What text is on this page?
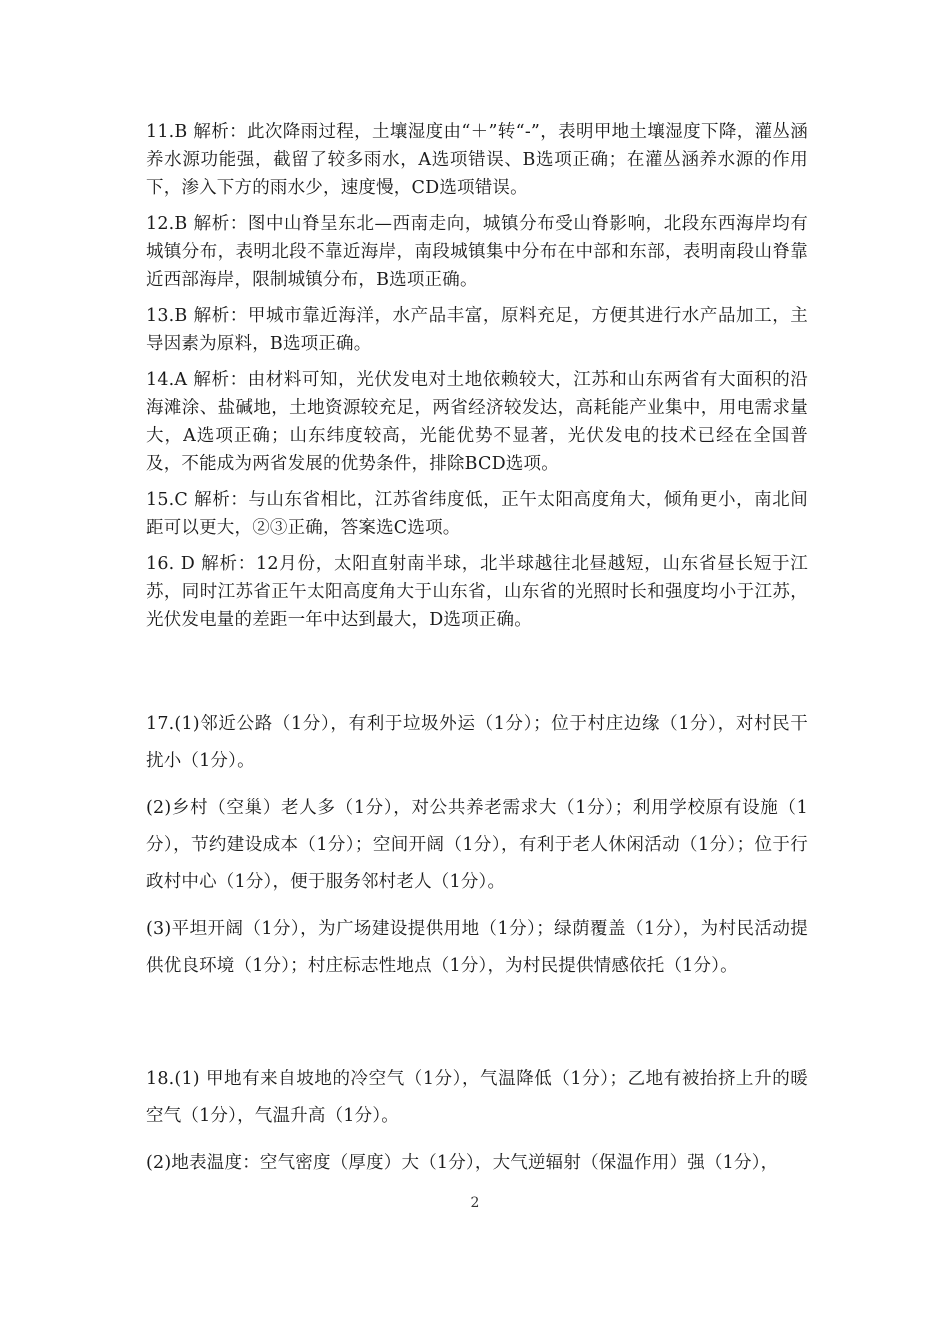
11.B 解析：此次降雨过程，土壤湿度由“＋”转“-”，表明甲地土壤湿度下降，灌丛涵养水源功能强，截留了较多雨水，A选项错误、B选项正确；在灌丛涵养水源的作用下，渗入下方的雨水少，速度慢，CD选项错误。

12.B 解析：图中山脊呈东北—西南走向，城镇分布受山脊影响，北段东西海岸均有城镇分布，表明北段不靠近海岸，南段城镇集中分布在中部和东部，表明南段山脊靠近西部海岸，限制城镇分布，B选项正确。

13.B 解析：甲城市靠近海洋，水产品丰富，原料充足，方便其进行水产品加工，主导因素为原料，B选项正确。

14.A 解析：由材料可知，光伏发电对土地依赖较大，江苏和山东两省有大面积的沿海滩涂、盐碱地，土地资源较充足，两省经济较发达，高耗能产业集中，用电需求量大，A选项正确；山东纬度较高，光能优势不显著，光伏发电的技术已经在全国普及，不能成为两省发展的优势条件，排除BCD选项。

15.C 解析：与山东省相比，江苏省纬度低，正午太阳高度角大，倾角更小，南北间距可以更大，②③正确，答案选C选项。

16. D 解析：12月份，太阳直射南半球，北半球越往北昼越短，山东省昼长短于江苏，同时江苏省正午太阳高度角大于山东省，山东省的光照时长和强度均小于江苏，光伏发电量的差距一年中达到最大，D选项正确。

17.(1)邻近公路（1分），有利于垃圾外运（1分）；位于村庄边缘（1分），对村民干扰小（1分）。

(2)乡村（空巢）老人多（1分），对公共养老需求大（1分）；利用学校原有设施（1分），节约建设成本（1分）；空间开阔（1分），有利于老人休闲活动（1分）；位于行政村中心（1分），便于服务邻村老人（1分）。

(3)平坦开阔（1分），为广场建设提供用地（1分）；绿荫覆盖（1分），为村民活动提供优良环境（1分）；村庄标志性地点（1分），为村民提供情感依托（1分）。

18.(1) 甲地有来自坡地的冷空气（1分），气温降低（1分）；乙地有被抬挤上升的暖空气（1分），气温升高（1分）。

(2)地表温度：空气密度（厚度）大（1分），大气逆辐射（保温作用）强（1分），

2
